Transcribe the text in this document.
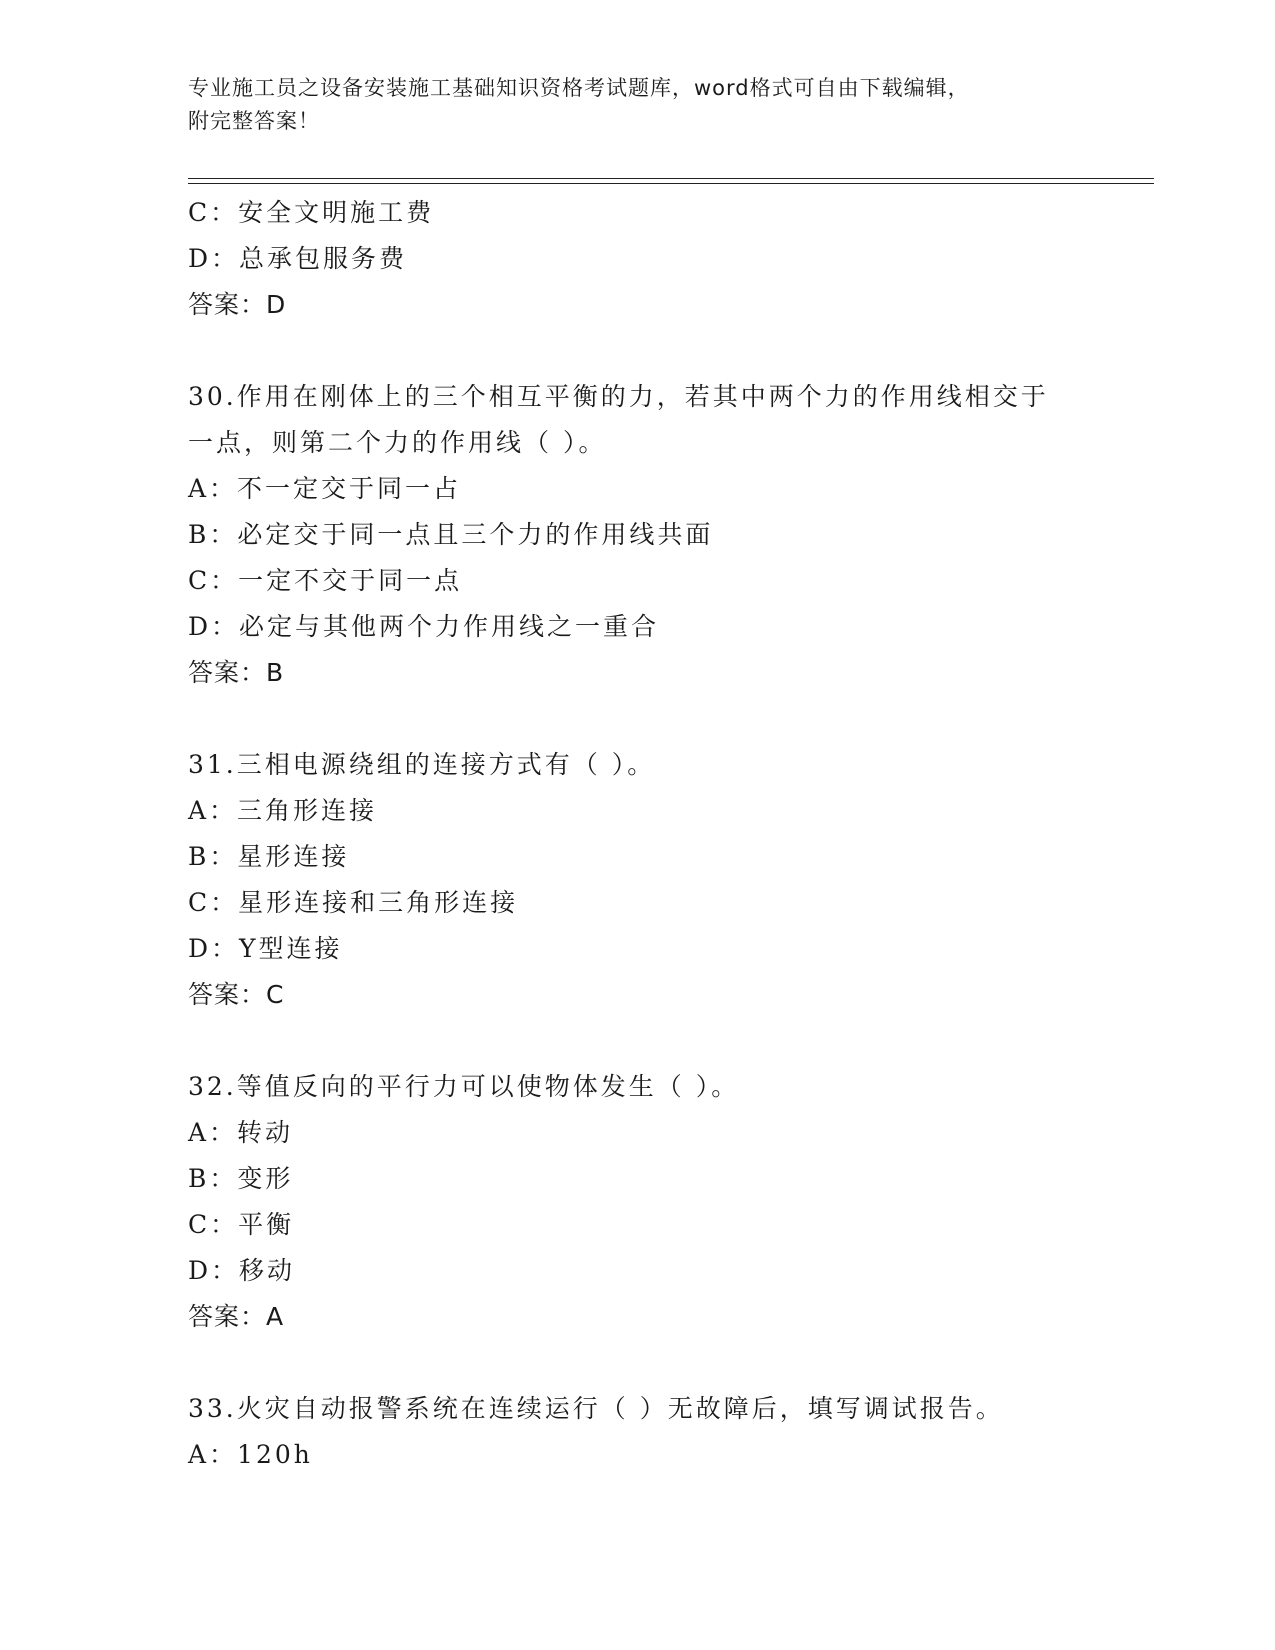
专业施工员之设备安装施工基础知识资格考试题库，word格式可自由下载编辑，
附完整答案！
C：安全文明施工费
D：总承包服务费
答案：D
30.作用在刚体上的三个相互平衡的力，若其中两个力的作用线相交于
一点，则第二个力的作用线（ ）。
A：不一定交于同一占
B：必定交于同一点且三个力的作用线共面
C：一定不交于同一点
D：必定与其他两个力作用线之一重合
答案：B
31.三相电源绕组的连接方式有（ ）。
A：三角形连接
B：星形连接
C：星形连接和三角形连接
D：Y型连接
答案：C
32.等值反向的平行力可以使物体发生（ ）。
A：转动
B：变形
C：平衡
D：移动
答案：A
33.火灾自动报警系统在连续运行（ ）无故障后，填写调试报告。
A：120h
